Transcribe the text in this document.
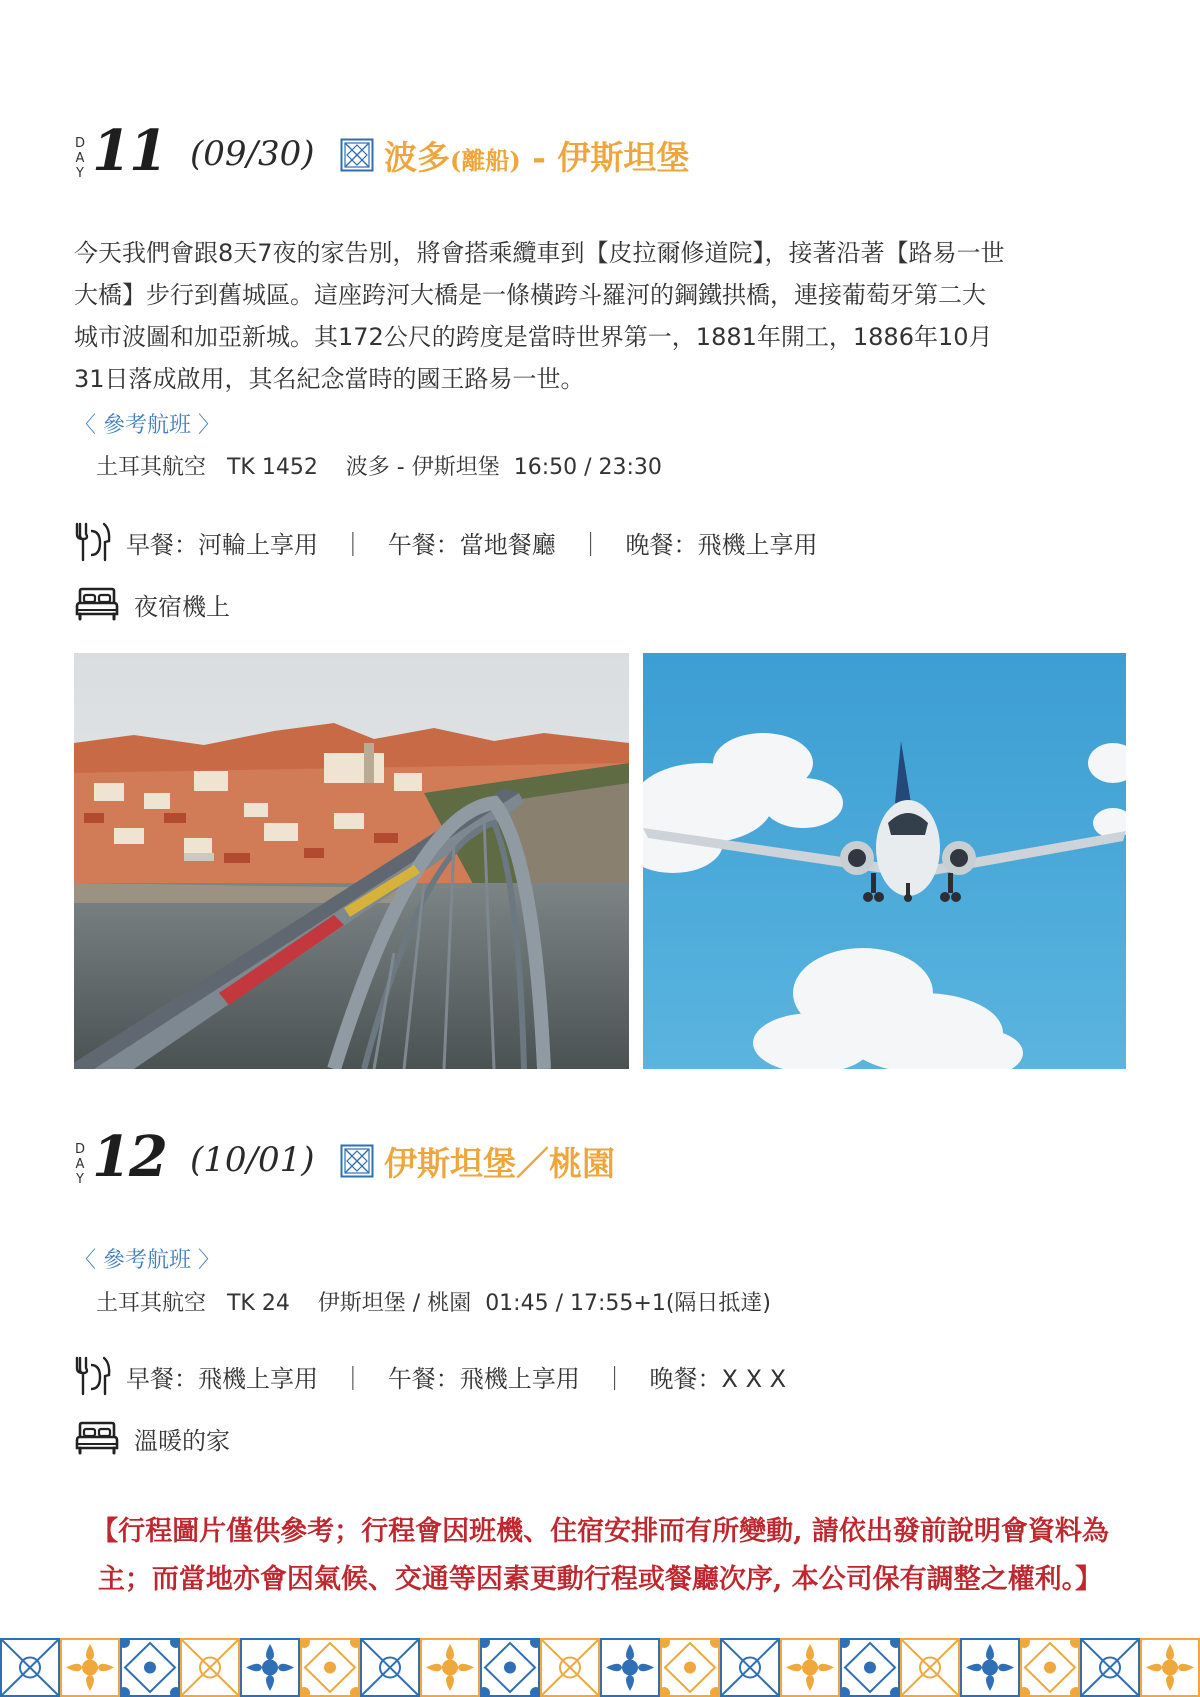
D
A
Y 11 (09/30) 波多(離船) - 伊斯坦堡
今天我們會跟8天7夜的家告別，將會搭乘纜車到【皮拉爾修道院】，接著沿著【路易一世
大橋】步行到舊城區。這座跨河大橋是一條橫跨斗羅河的鋼鐵拱橋，連接葡萄牙第二大
城市波圖和加亞新城。其172公尺的跨度是當時世界第一，1881年開工，1886年10月
31日落成啟用，其名紀念當時的國王路易一世。
〈 參考航班 〉
土耳其航空   TK 1452    波多 - 伊斯坦堡  16:50 / 23:30
早餐：河輪上享用   ｜   午餐：當地餐廳   ｜   晚餐：飛機上享用
夜宿機上
D
A
Y 12 (10/01) 伊斯坦堡／桃園
〈 參考航班 〉
土耳其航空   TK 24    伊斯坦堡 / 桃園  01:45 / 17:55+1(隔日抵達)
早餐：飛機上享用   ｜   午餐：飛機上享用   ｜   晚餐：X X X
溫暖的家
【行程圖片僅供參考；行程會因班機、住宿安排而有所變動, 請依出發前說明會資料為
主；而當地亦會因氣候、交通等因素更動行程或餐廳次序, 本公司保有調整之權利。】
